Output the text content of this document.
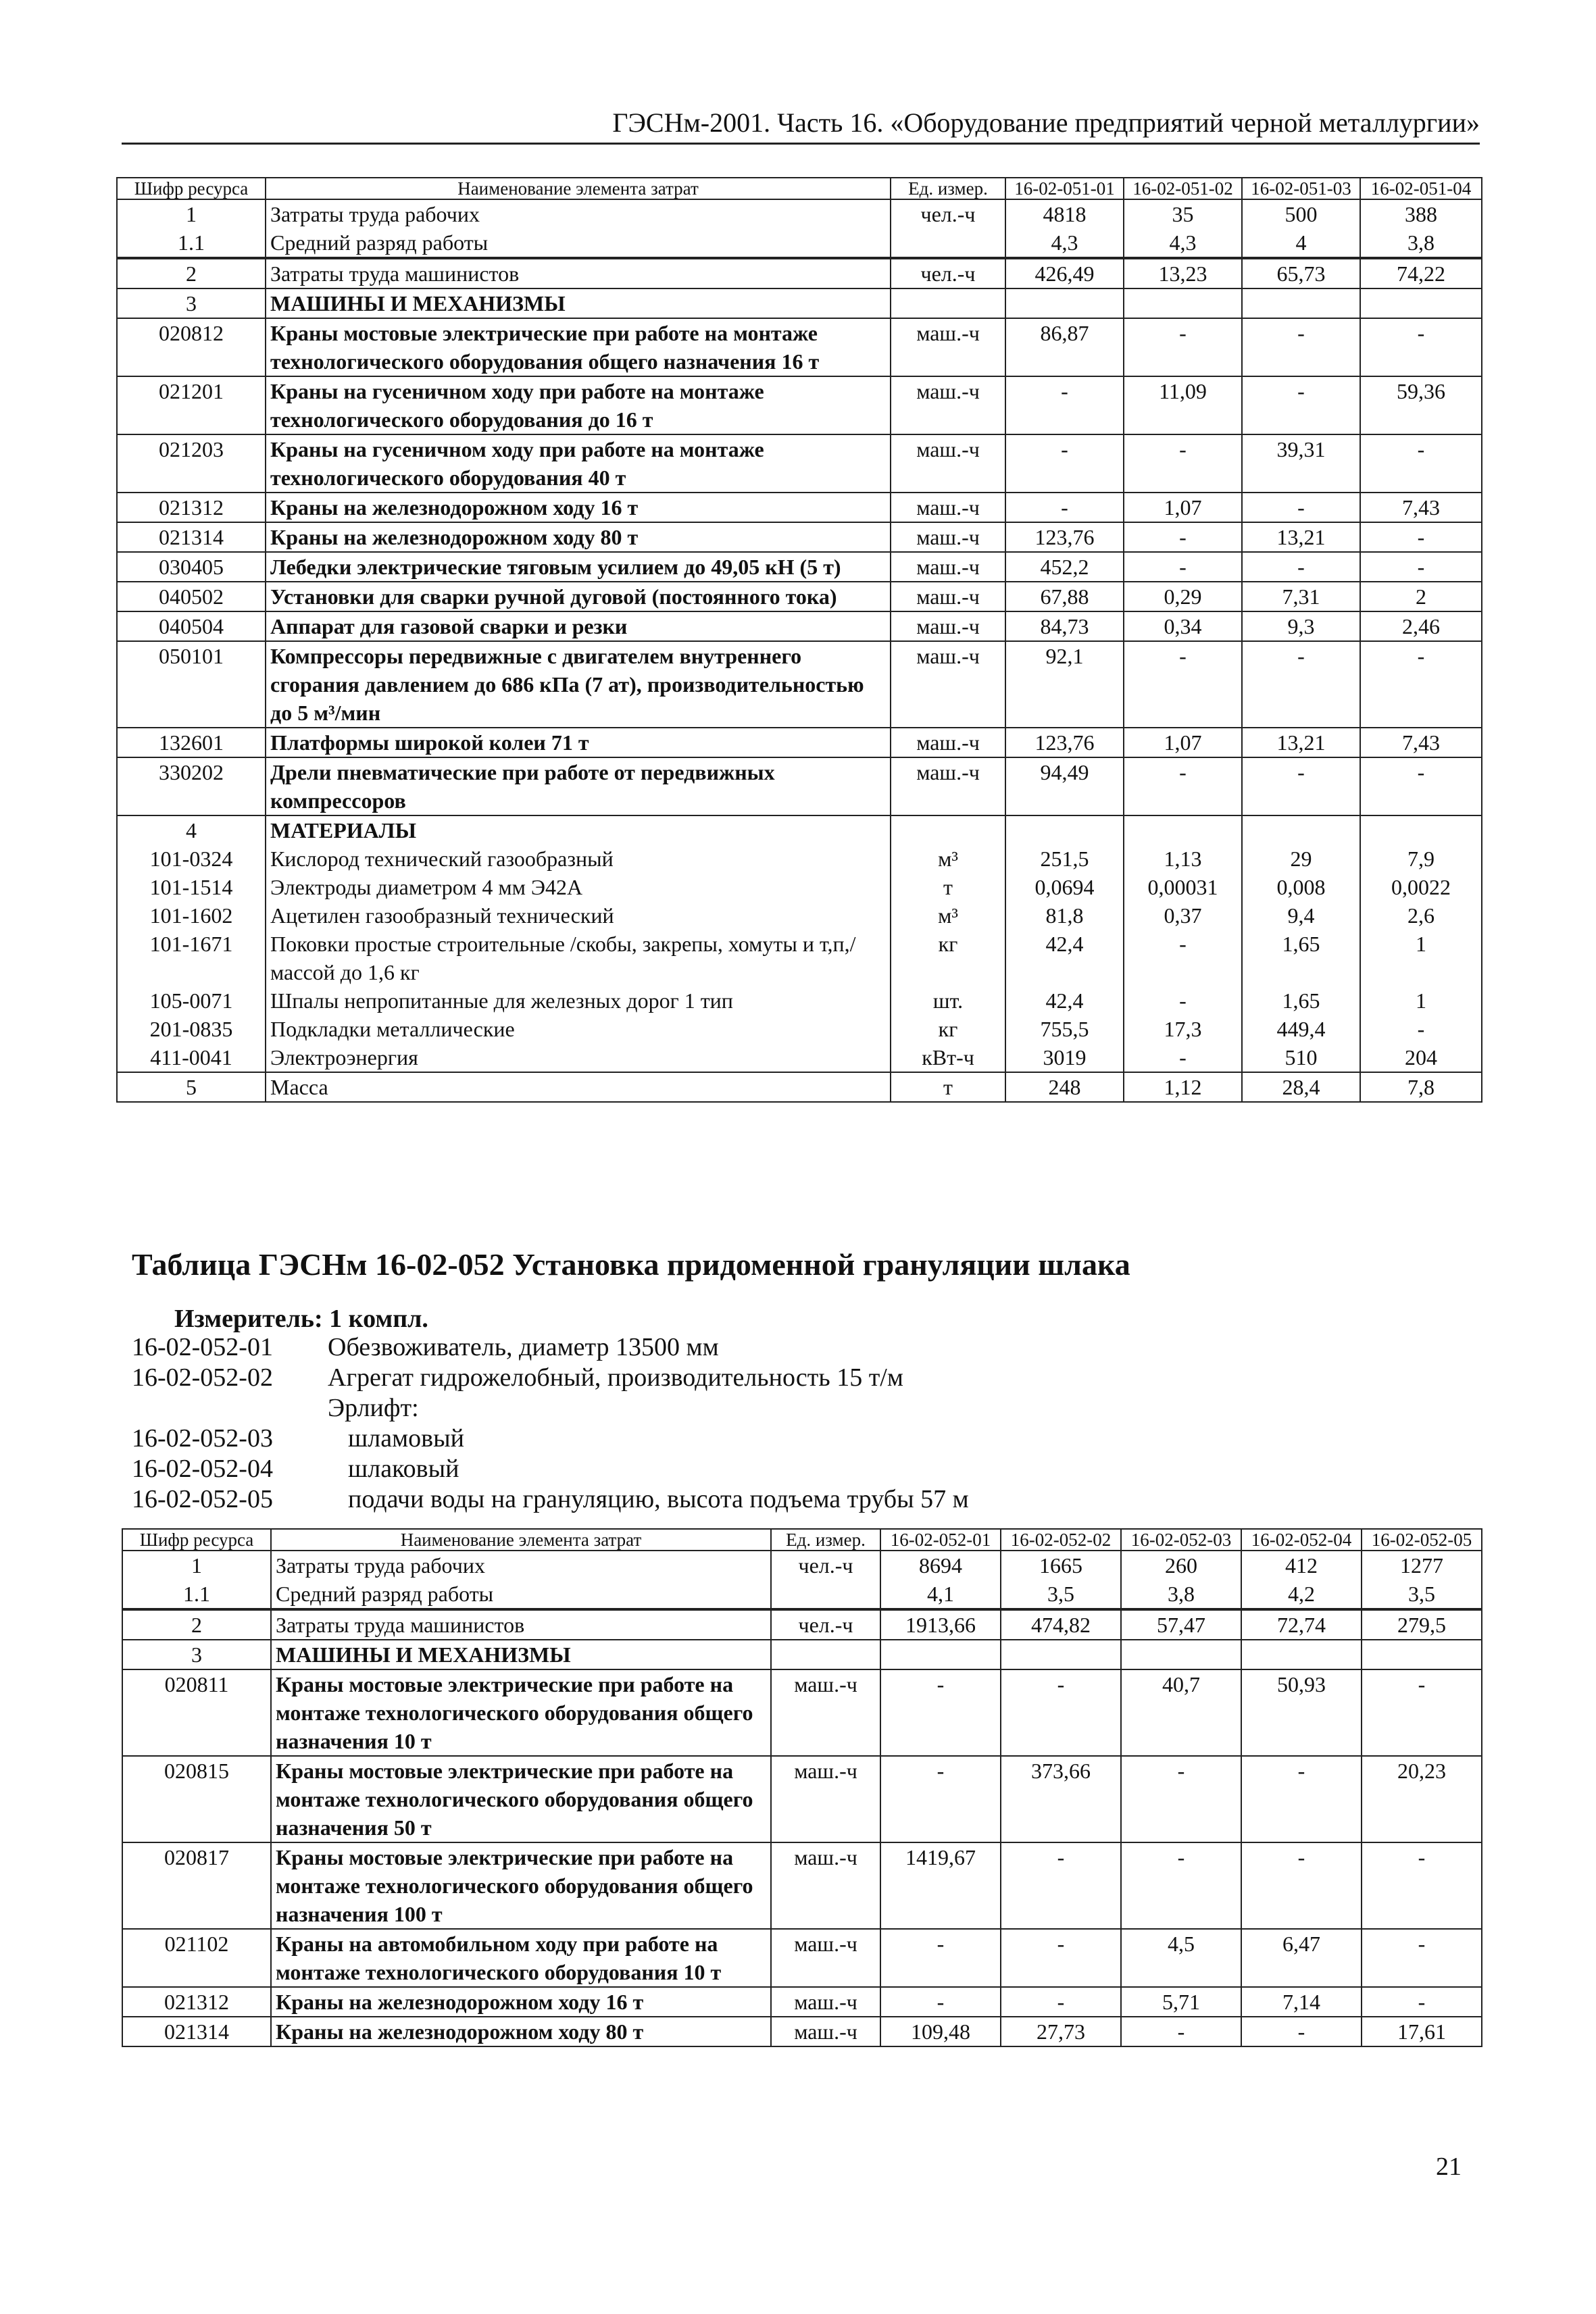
ГЭСНм-2001. Часть 16. «Оборудование предприятий черной металлургии»
Шифр ресурса	Наименование элемента затрат	Ед. измер.	16-02-051-01	16-02-051-02	16-02-051-03	16-02-051-04
1	Затраты труда рабочих	чел.-ч	4818	35	500	388
1.1	Средний разряд работы		4,3	4,3	4	3,8
2	Затраты труда машинистов	чел.-ч	426,49	13,23	65,73	74,22
3	МАШИНЫ И МЕХАНИЗМЫ					
020812	Краны мостовые электрические при работе на монтаже технологического оборудования общего назначения 16 т	маш.-ч	86,87	-	-	-
021201	Краны на гусеничном ходу при работе на монтаже технологического оборудования до 16 т	маш.-ч	-	11,09	-	59,36
021203	Краны на гусеничном ходу при работе на монтаже технологического оборудования 40 т	маш.-ч	-	-	39,31	-
021312	Краны на железнодорожном ходу 16 т	маш.-ч	-	1,07	-	7,43
021314	Краны на железнодорожном ходу 80 т	маш.-ч	123,76	-	13,21	-
030405	Лебедки электрические тяговым усилием до 49,05 кН (5 т)	маш.-ч	452,2	-	-	-
040502	Установки для сварки ручной дуговой (постоянного тока)	маш.-ч	67,88	0,29	7,31	2
040504	Аппарат для газовой сварки и резки	маш.-ч	84,73	0,34	9,3	2,46
050101	Компрессоры передвижные с двигателем внутреннего сгорания давлением до 686 кПа (7 ат), производительностью до 5 м³/мин	маш.-ч	92,1	-	-	-
132601	Платформы широкой колеи 71 т	маш.-ч	123,76	1,07	13,21	7,43
330202	Дрели пневматические при работе от передвижных компрессоров	маш.-ч	94,49	-	-	-
4	МАТЕРИАЛЫ					
101-0324	Кислород технический газообразный	м³	251,5	1,13	29	7,9
101-1514	Электроды диаметром 4 мм Э42А	т	0,0694	0,00031	0,008	0,0022
101-1602	Ацетилен газообразный технический	м³	81,8	0,37	9,4	2,6
101-1671	Поковки простые строительные /скобы, закрепы, хомуты и т,п,/ массой до 1,6 кг	кг	42,4	-	1,65	1
105-0071	Шпалы непропитанные для железных дорог 1 тип	шт.	42,4	-	1,65	1
201-0835	Подкладки металлические	кг	755,5	17,3	449,4	-
411-0041	Электроэнергия	кВт-ч	3019	-	510	204
5	Масса	т	248	1,12	28,4	7,8
Таблица ГЭСНм 16-02-052 Установка придоменной грануляции шлака
Измеритель: 1 компл.
16-02-052-01	Обезвоживатель, диаметр 13500 мм
16-02-052-02	Агрегат гидрожелобный, производительность 15 т/м
Эрлифт:
16-02-052-03	шламовый
16-02-052-04	шлаковый
16-02-052-05	подачи воды на грануляцию, высота подъема трубы 57 м
Шифр ресурса	Наименование элемента затрат	Ед. измер.	16-02-052-01	16-02-052-02	16-02-052-03	16-02-052-04	16-02-052-05
1	Затраты труда рабочих	чел.-ч	8694	1665	260	412	1277
1.1	Средний разряд работы		4,1	3,5	3,8	4,2	3,5
2	Затраты труда машинистов	чел.-ч	1913,66	474,82	57,47	72,74	279,5
3	МАШИНЫ И МЕХАНИЗМЫ						
020811	Краны мостовые электрические при работе на монтаже технологического оборудования общего назначения 10 т	маш.-ч	-	-	40,7	50,93	-
020815	Краны мостовые электрические при работе на монтаже технологического оборудования общего назначения 50 т	маш.-ч	-	373,66	-	-	20,23
020817	Краны мостовые электрические при работе на монтаже технологического оборудования общего назначения 100 т	маш.-ч	1419,67	-	-	-	-
021102	Краны на автомобильном ходу при работе на монтаже технологического оборудования 10 т	маш.-ч	-	-	4,5	6,47	-
021312	Краны на железнодорожном ходу 16 т	маш.-ч	-	-	5,71	7,14	-
021314	Краны на железнодорожном ходу 80 т	маш.-ч	109,48	27,73	-	-	17,61
21
